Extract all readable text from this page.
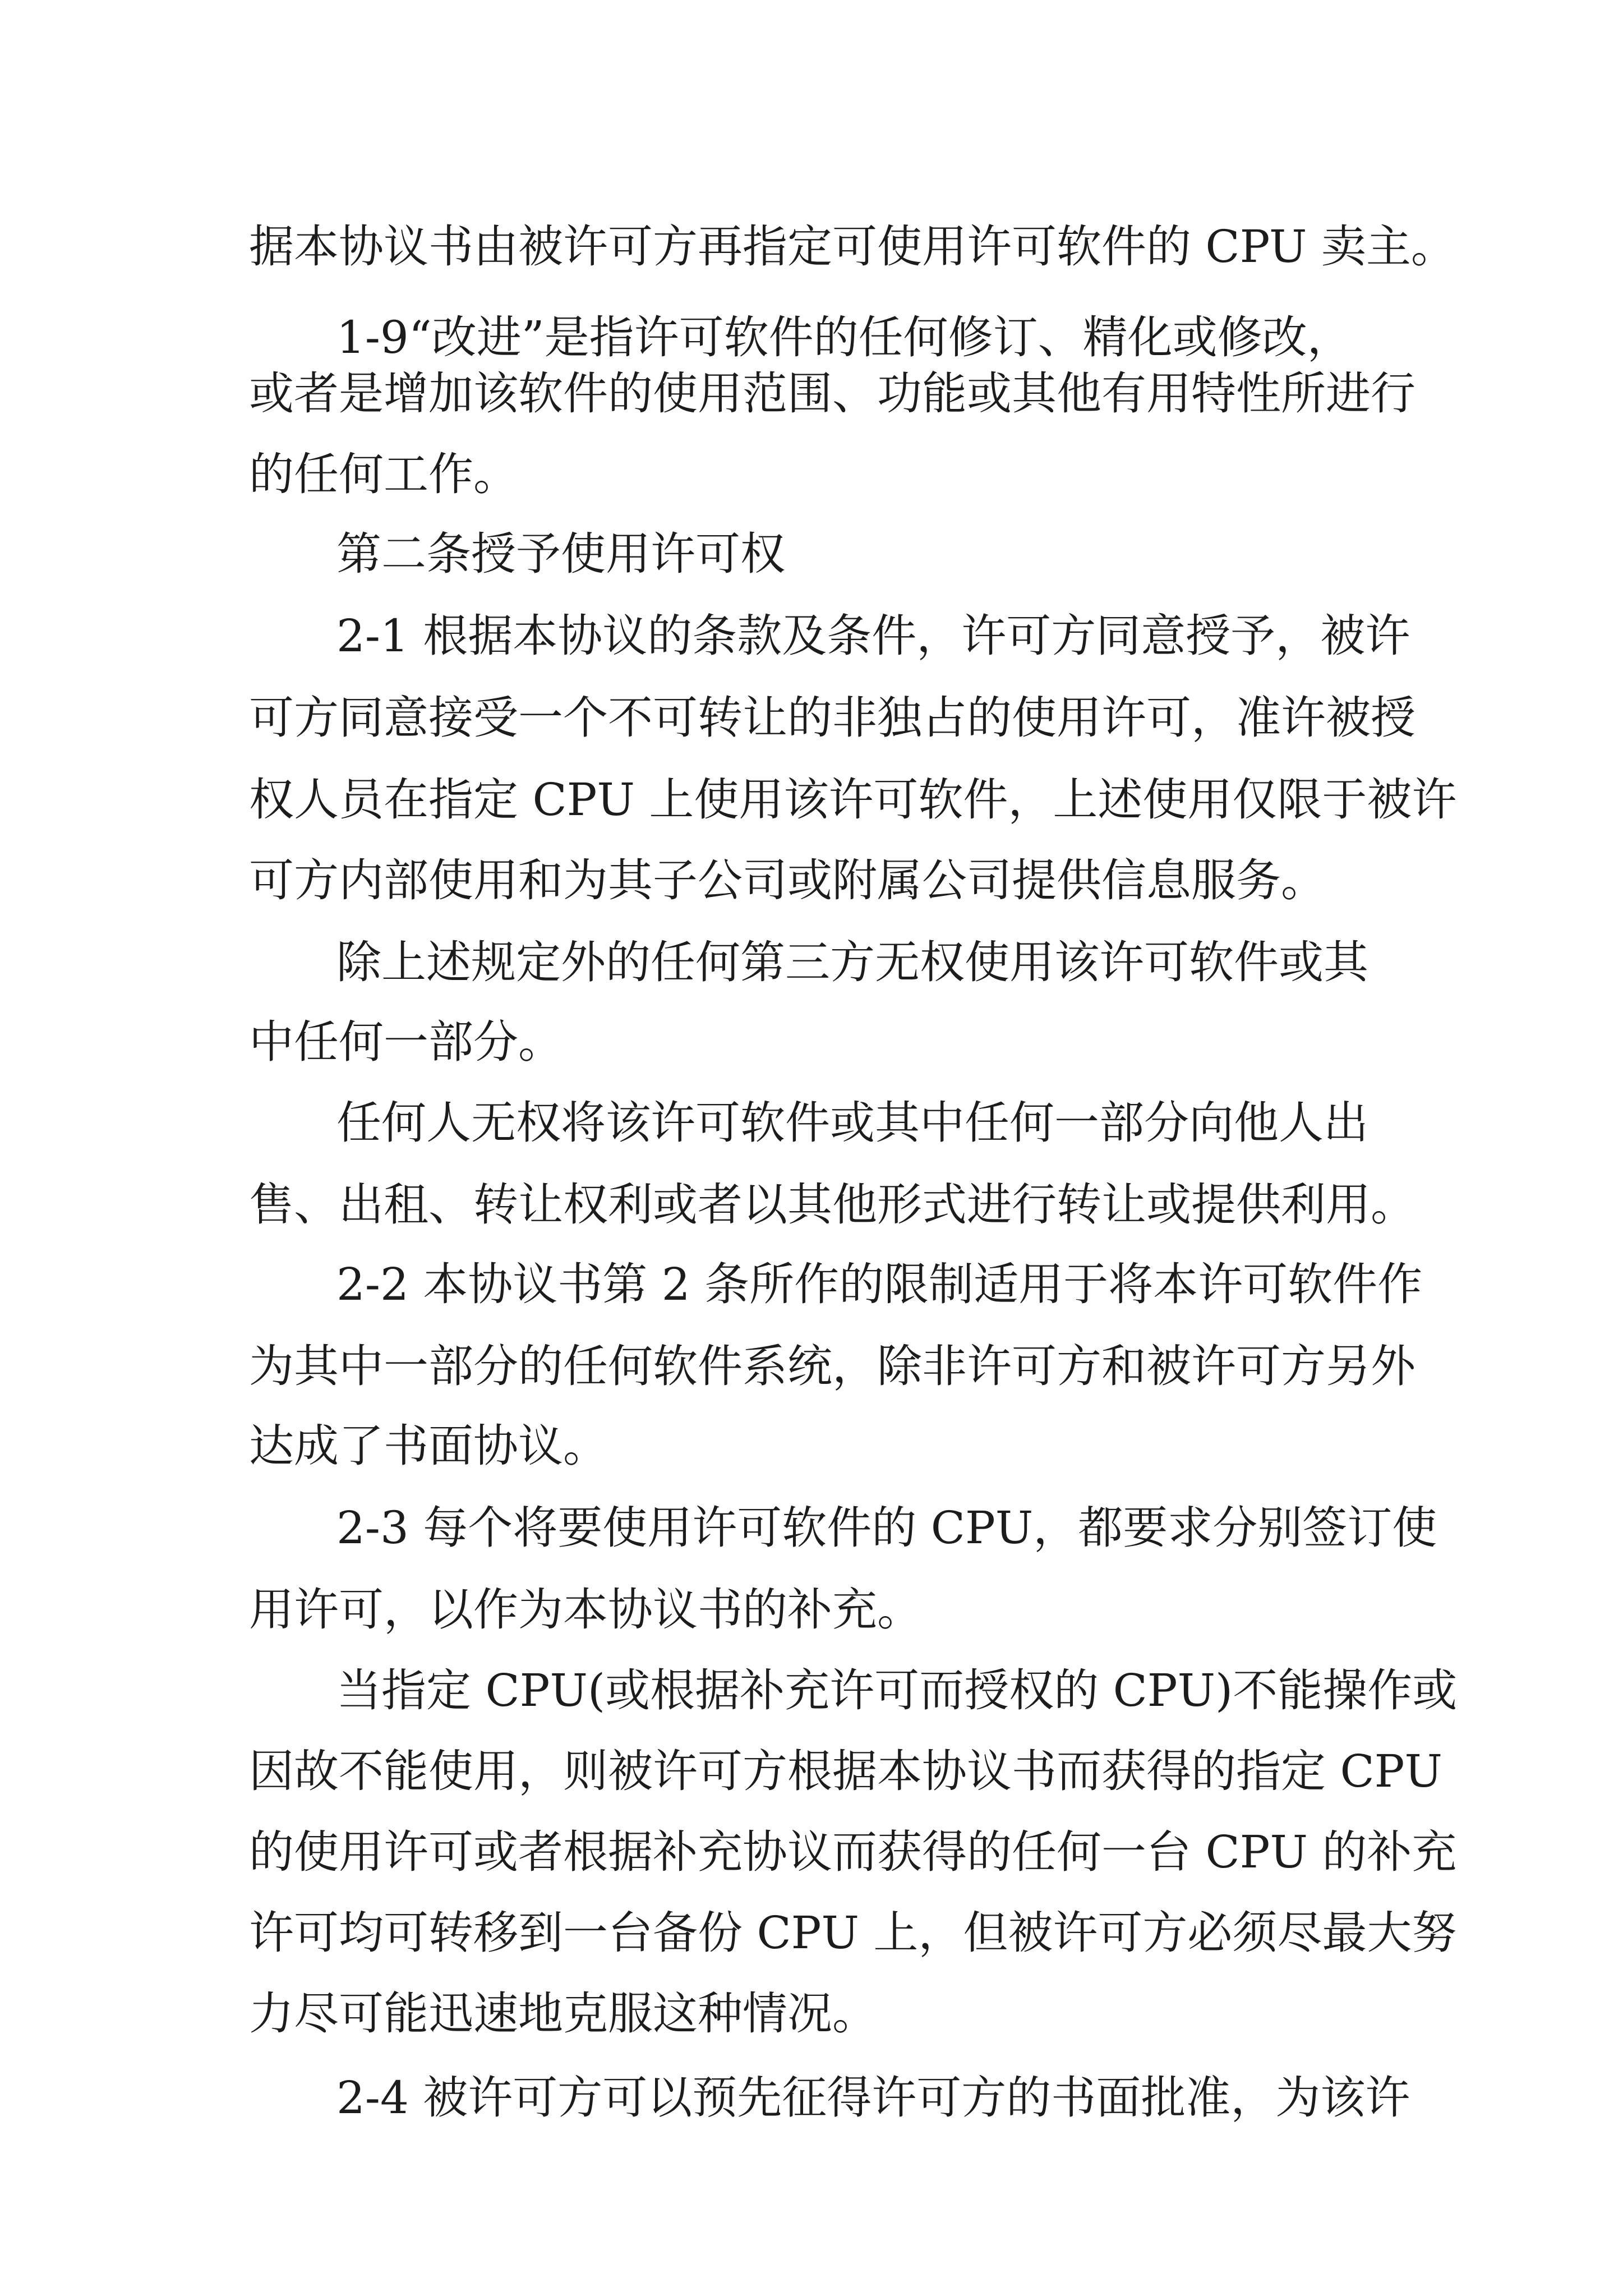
据本协议书由被许可方再指定可使用许可软件的 CPU 卖主。
1-9“改进”是指许可软件的任何修订、精化或修改，
或 者 是 增 加 该 软 件 的 使 用 范 围 、 功 能 或 其 他 有 用 特 性 所 进 行
的任何工作。
第二条授予使用许可权
2 - 1
根 据 本 协 议 的 条 款 及 条 件 ， 许 可 方 同 意 授 予 ， 被 许
可 方 同 意 接 受 一 个 不 可 转 让 的 非 独 占 的 使 用 许 可 ， 准 许 被 授
权 人 员 在 指 定
C P U
上 使 用 该 许 可 软 件 ， 上 述 使 用 仅 限 于 被 许
可方内部使用和为其子公司或附属公司提供信息服务。
除 上 述 规 定 外 的 任 何 第 三 方 无 权 使 用 该 许 可 软 件 或 其
中任何一部分。
任 何 人 无 权 将 该 许 可 软 件 或 其 中 任 何 一 部 分 向 他 人 出
售 、 出 租 、 转 让 权 利 或 者 以 其 他 形 式 进 行 转 让 或 提 供 利 用 。
2 - 2
本 协 议 书 第
2
条 所 作 的 限 制 适 用 于 将 本 许 可 软 件 作
为 其 中 一 部 分 的 任 何 软 件 系 统 ， 除 非 许 可 方 和 被 许 可 方 另 外
达成了书面协议。
2 - 3
每 个 将 要 使 用 许 可 软 件 的
C P U ， 都 要 求 分 别 签 订 使
用许可，以作为本协议书的补充。
当 指 定
C P U ( 或 根 据 补 充 许 可 而 授 权 的
C P U ) 不 能 操 作 或
因 故 不 能 使 用 ， 则 被 许 可 方 根 据 本 协 议 书 而 获 得 的 指 定
C P U
的 使 用 许 可 或 者 根 据 补 充 协 议 而 获 得 的 任 何 一 台
C P U
的 补 充
许 可 均 可 转 移 到 一 台 备 份
C P U
上 ， 但 被 许 可 方 必 须 尽 最 大 努
力尽可能迅速地克服这种情况。
2 - 4
被 许 可 方 可 以 预 先 征 得 许 可 方 的 书 面 批 准 ， 为 该 许
